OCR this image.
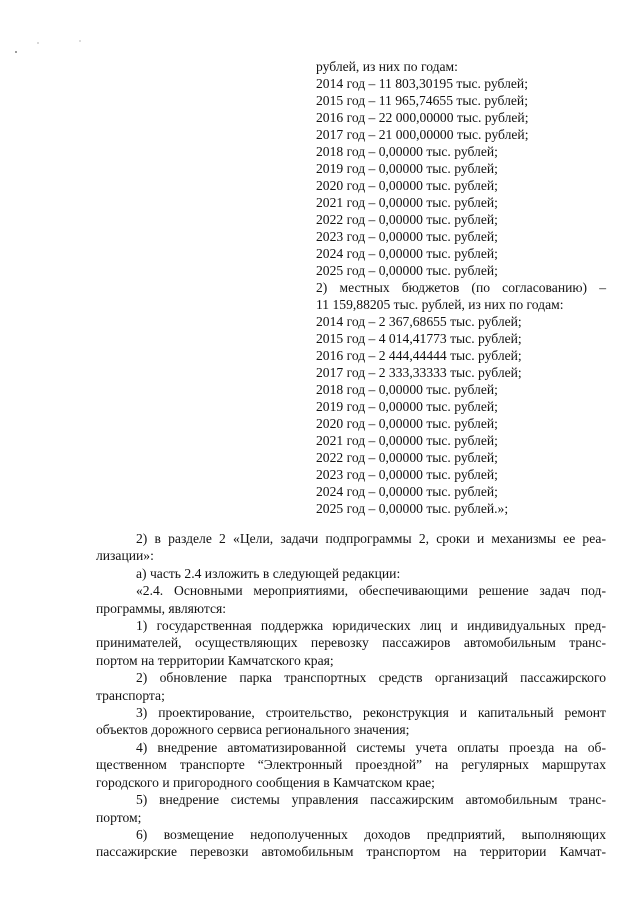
рублей, из них по годам:
2014 год – 11 803,30195 тыс. рублей;
2015 год – 11 965,74655 тыс. рублей;
2016 год – 22 000,00000 тыс. рублей;
2017 год – 21 000,00000 тыс. рублей;
2018 год – 0,00000 тыс. рублей;
2019 год – 0,00000 тыс. рублей;
2020 год – 0,00000 тыс. рублей;
2021 год – 0,00000 тыс. рублей;
2022 год – 0,00000 тыс. рублей;
2023 год – 0,00000 тыс. рублей;
2024 год – 0,00000 тыс. рублей;
2025 год – 0,00000 тыс. рублей;
2) местных бюджетов (по согласованию) –
11 159,88205 тыс. рублей, из них по годам:
2014 год – 2 367,68655 тыс. рублей;
2015 год – 4 014,41773 тыс. рублей;
2016 год – 2 444,44444 тыс. рублей;
2017 год – 2 333,33333 тыс. рублей;
2018 год – 0,00000 тыс. рублей;
2019 год – 0,00000 тыс. рублей;
2020 год – 0,00000 тыс. рублей;
2021 год – 0,00000 тыс. рублей;
2022 год – 0,00000 тыс. рублей;
2023 год – 0,00000 тыс. рублей;
2024 год – 0,00000 тыс. рублей;
2025 год – 0,00000 тыс. рублей.»;
2) в разделе 2 «Цели, задачи подпрограммы 2, сроки и механизмы ее реа-
лизации»:
а) часть 2.4 изложить в следующей редакции:
«2.4. Основными мероприятиями, обеспечивающими решение задач под-
программы, являются:
1) государственная поддержка юридических лиц и индивидуальных пред-
принимателей, осуществляющих перевозку пассажиров автомобильным транс-
портом на территории Камчатского края;
2) обновление парка транспортных средств организаций пассажирского
транспорта;
3) проектирование, строительство, реконструкция и капитальный ремонт
объектов дорожного сервиса регионального значения;
4) внедрение автоматизированной системы учета оплаты проезда на об-
щественном транспорте “Электронный проездной” на регулярных маршрутах
городского и пригородного сообщения в Камчатском крае;
5) внедрение системы управления пассажирским автомобильным транс-
портом;
6) возмещение недополученных доходов предприятий, выполняющих
пассажирские перевозки автомобильным транспортом на территории Камчат-
